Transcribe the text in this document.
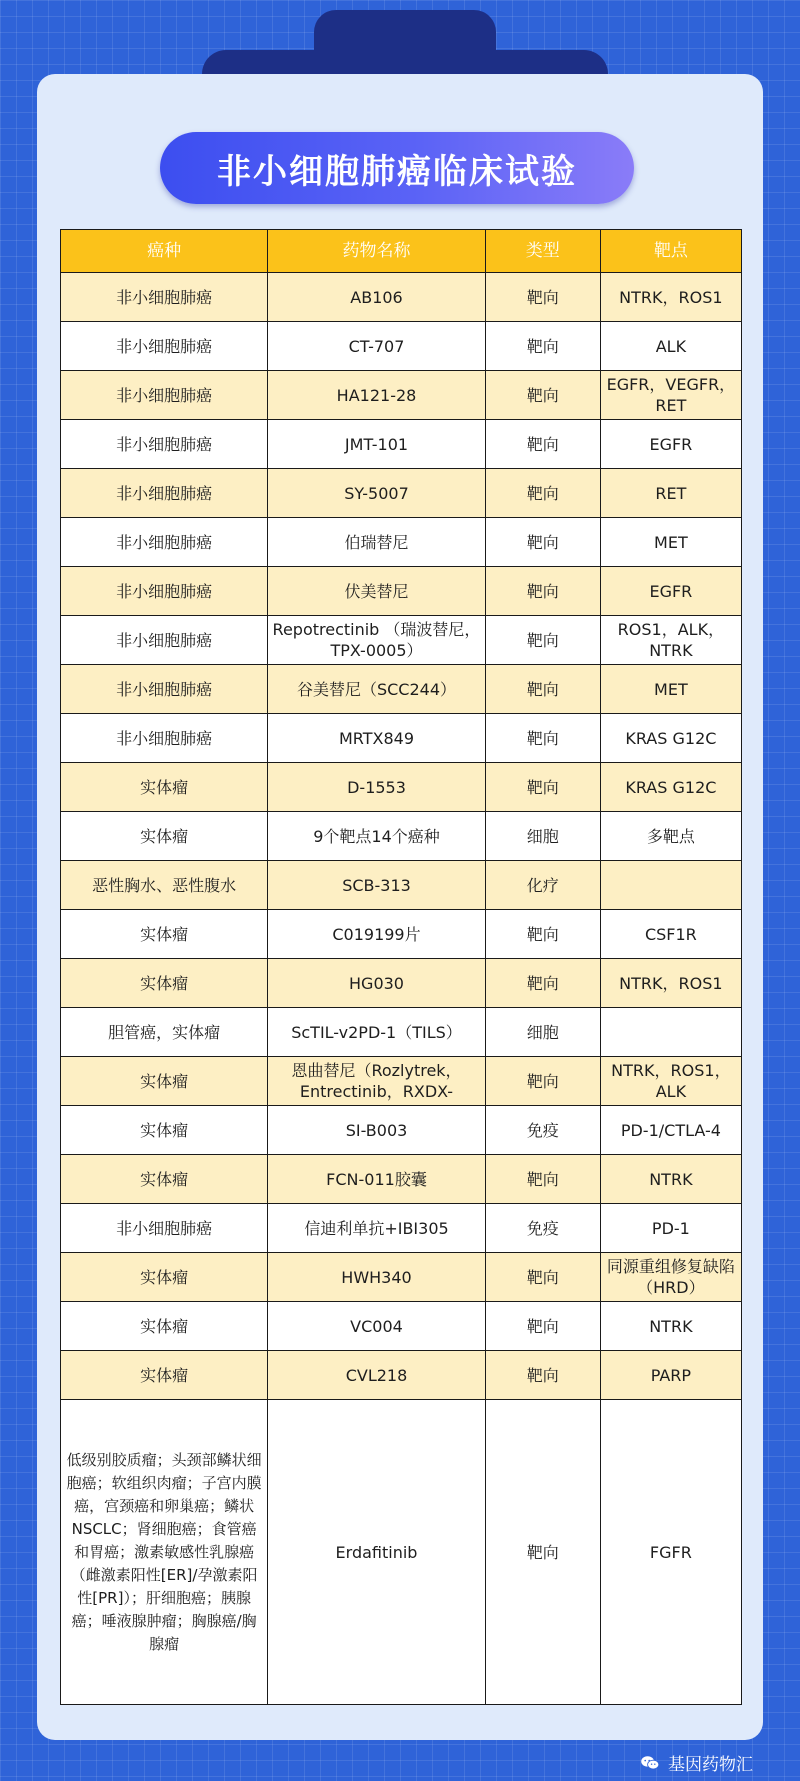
非小细胞肺癌临床试验
癌种	药物名称	类型	靶点
非小细胞肺癌	AB106	靶向	NTRK，ROS1
非小细胞肺癌	CT-707	靶向	ALK
非小细胞肺癌	HA121-28	靶向	EGFR，VEGFR，RET
非小细胞肺癌	JMT-101	靶向	EGFR
非小细胞肺癌	SY-5007	靶向	RET
非小细胞肺癌	伯瑞替尼	靶向	MET
非小细胞肺癌	伏美替尼	靶向	EGFR
非小细胞肺癌	Repotrectinib （瑞波替尼，TPX-0005）	靶向	ROS1，ALK，NTRK
非小细胞肺癌	谷美替尼（SCC244）	靶向	MET
非小细胞肺癌	MRTX849	靶向	KRAS G12C
实体瘤	D-1553	靶向	KRAS G12C
实体瘤	9个靶点14个癌种	细胞	多靶点
恶性胸水、恶性腹水	SCB-313	化疗	
实体瘤	C019199片	靶向	CSF1R
实体瘤	HG030	靶向	NTRK，ROS1
胆管癌，实体瘤	ScTIL-v2PD-1（TILS）	细胞	
实体瘤	恩曲替尼（Rozlytrek，Entrectinib，RXDX-	靶向	NTRK，ROS1，ALK
实体瘤	SI-B003	免疫	PD-1/CTLA-4
实体瘤	FCN-011胶囊	靶向	NTRK
非小细胞肺癌	信迪利单抗+IBI305	免疫	PD-1
实体瘤	HWH340	靶向	同源重组修复缺陷（HRD）
实体瘤	VC004	靶向	NTRK
实体瘤	CVL218	靶向	PARP
低级别胶质瘤；头颈部鳞状细胞癌；软组织肉瘤；子宫内膜癌，宫颈癌和卵巢癌；鳞状NSCLC；肾细胞癌；食管癌和胃癌；激素敏感性乳腺癌（雌激素阳性[ER]/孕激素阳性[PR]）；肝细胞癌；胰腺癌；唾液腺肿瘤；胸腺癌/胸腺瘤	Erdafitinib	靶向	FGFR
基因药物汇
